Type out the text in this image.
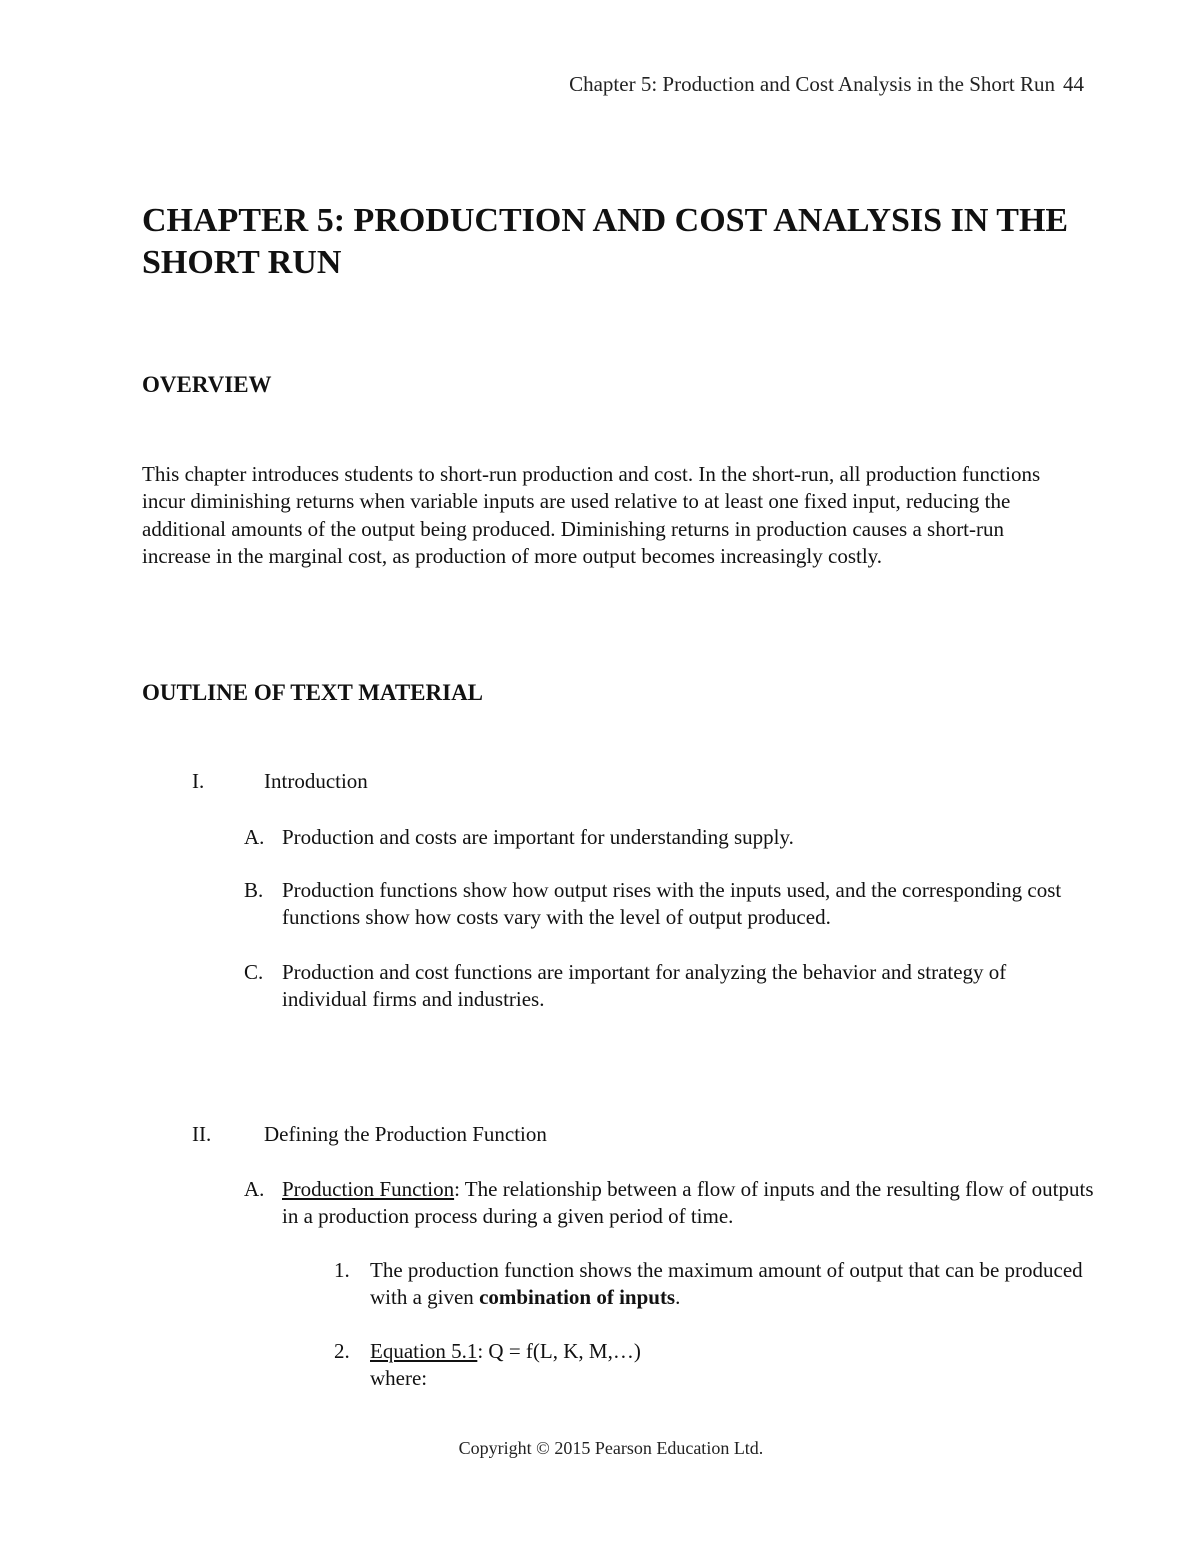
Chapter 5: Production and Cost Analysis in the Short Run 44
CHAPTER 5: PRODUCTION AND COST ANALYSIS IN THE SHORT RUN
OVERVIEW

This chapter introduces students to short-run production and cost. In the short-run, all production functions incur diminishing returns when variable inputs are used relative to at least one fixed input, reducing the additional amounts of the output being produced. Diminishing returns in production causes a short-run increase in the marginal cost, as production of more output becomes increasingly costly.

OUTLINE OF TEXT MATERIAL
I.	Introduction
A. Production and costs are important for understanding supply.
B. Production functions show how output rises with the inputs used, and the corresponding cost functions show how costs vary with the level of output produced.
C. Production and cost functions are important for analyzing the behavior and strategy of individual firms and industries.
II.	Defining the Production Function
A. Production Function: The relationship between a flow of inputs and the resulting flow of outputs in a production process during a given period of time.
1. The production function shows the maximum amount of output that can be produced with a given combination of inputs.
2. Equation 5.1: Q = f(L, K, M,…)
where:
Copyright © 2015 Pearson Education Ltd.
